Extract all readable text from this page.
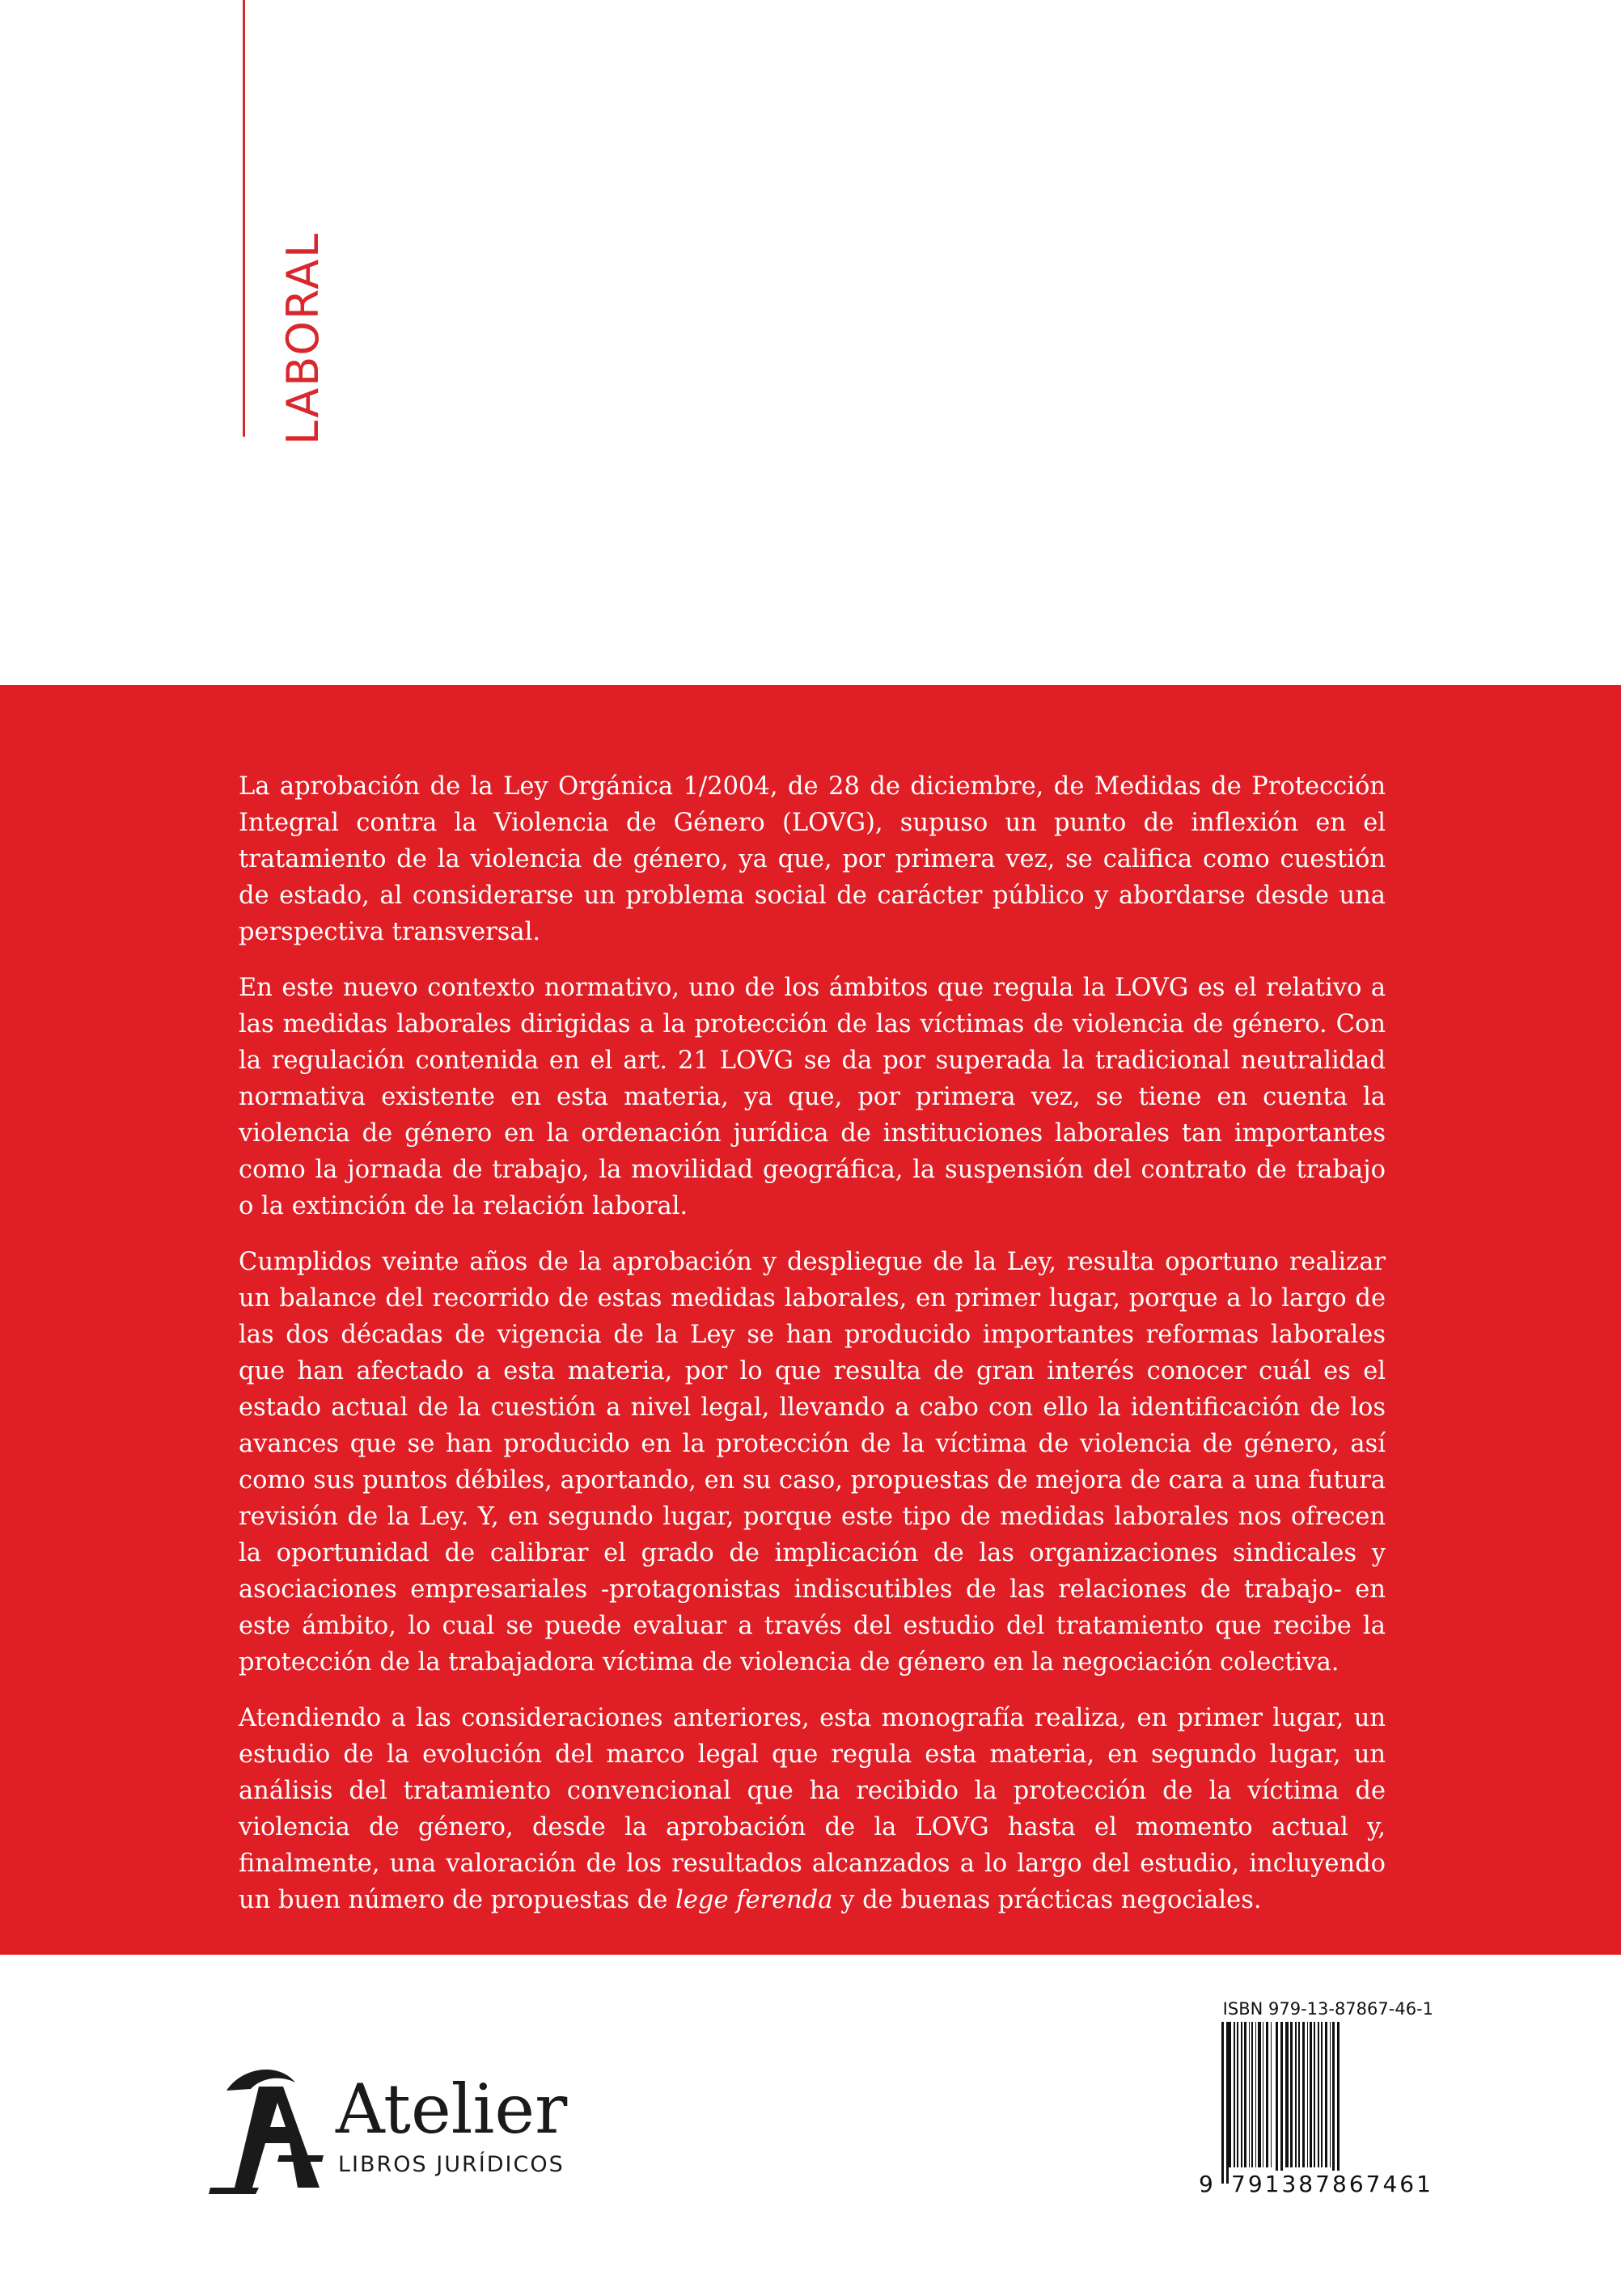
LABORAL

La aprobación de la Ley Orgánica 1/2004, de 28 de diciembre, de Medidas de Protección Integral contra la Violencia de Género (LOVG), supuso un punto de inflexión en el tratamiento de la violencia de género, ya que, por primera vez, se califica como cuestión de estado, al considerarse un problema social de carácter público y abordarse desde una perspectiva transversal.

En este nuevo contexto normativo, uno de los ámbitos que regula la LOVG es el relativo a las medidas laborales dirigidas a la protección de las víctimas de violencia de género. Con la regulación contenida en el art. 21 LOVG se da por superada la tradicional neutralidad normativa existente en esta materia, ya que, por primera vez, se tiene en cuenta la violencia de género en la ordenación jurídica de instituciones laborales tan importantes como la jornada de trabajo, la movilidad geográfica, la suspensión del contrato de trabajo o la extinción de la relación laboral.

Cumplidos veinte años de la aprobación y despliegue de la Ley, resulta oportuno realizar un balance del recorrido de estas medidas laborales, en primer lugar, porque a lo largo de las dos décadas de vigencia de la Ley se han producido importantes reformas laborales que han afectado a esta materia, por lo que resulta de gran interés conocer cuál es el estado actual de la cuestión a nivel legal, llevando a cabo con ello la identificación de los avances que se han producido en la protección de la víctima de violencia de género, así como sus puntos débiles, aportando, en su caso, propuestas de mejora de cara a una futura revisión de la Ley. Y, en segundo lugar, porque este tipo de medidas laborales nos ofrecen la oportunidad de calibrar el grado de implicación de las organizaciones sindicales y asociaciones empresariales -protagonistas indiscutibles de las relaciones de trabajo- en este ámbito, lo cual se puede evaluar a través del estudio del tratamiento que recibe la protección de la trabajadora víctima de violencia de género en la negociación colectiva.

Atendiendo a las consideraciones anteriores, esta monografía realiza, en primer lugar, un estudio de la evolución del marco legal que regula esta materia, en segundo lugar, un análisis del tratamiento convencional que ha recibido la protección de la víctima de violencia de género, desde la aprobación de la LOVG hasta el momento actual y, finalmente, una valoración de los resultados alcanzados a lo largo del estudio, incluyendo un buen número de propuestas de lege ferenda y de buenas prácticas negociales.

Atelier
LIBROS JURÍDICOS
ISBN 979-13-87867-46-1
9 791387 867461
